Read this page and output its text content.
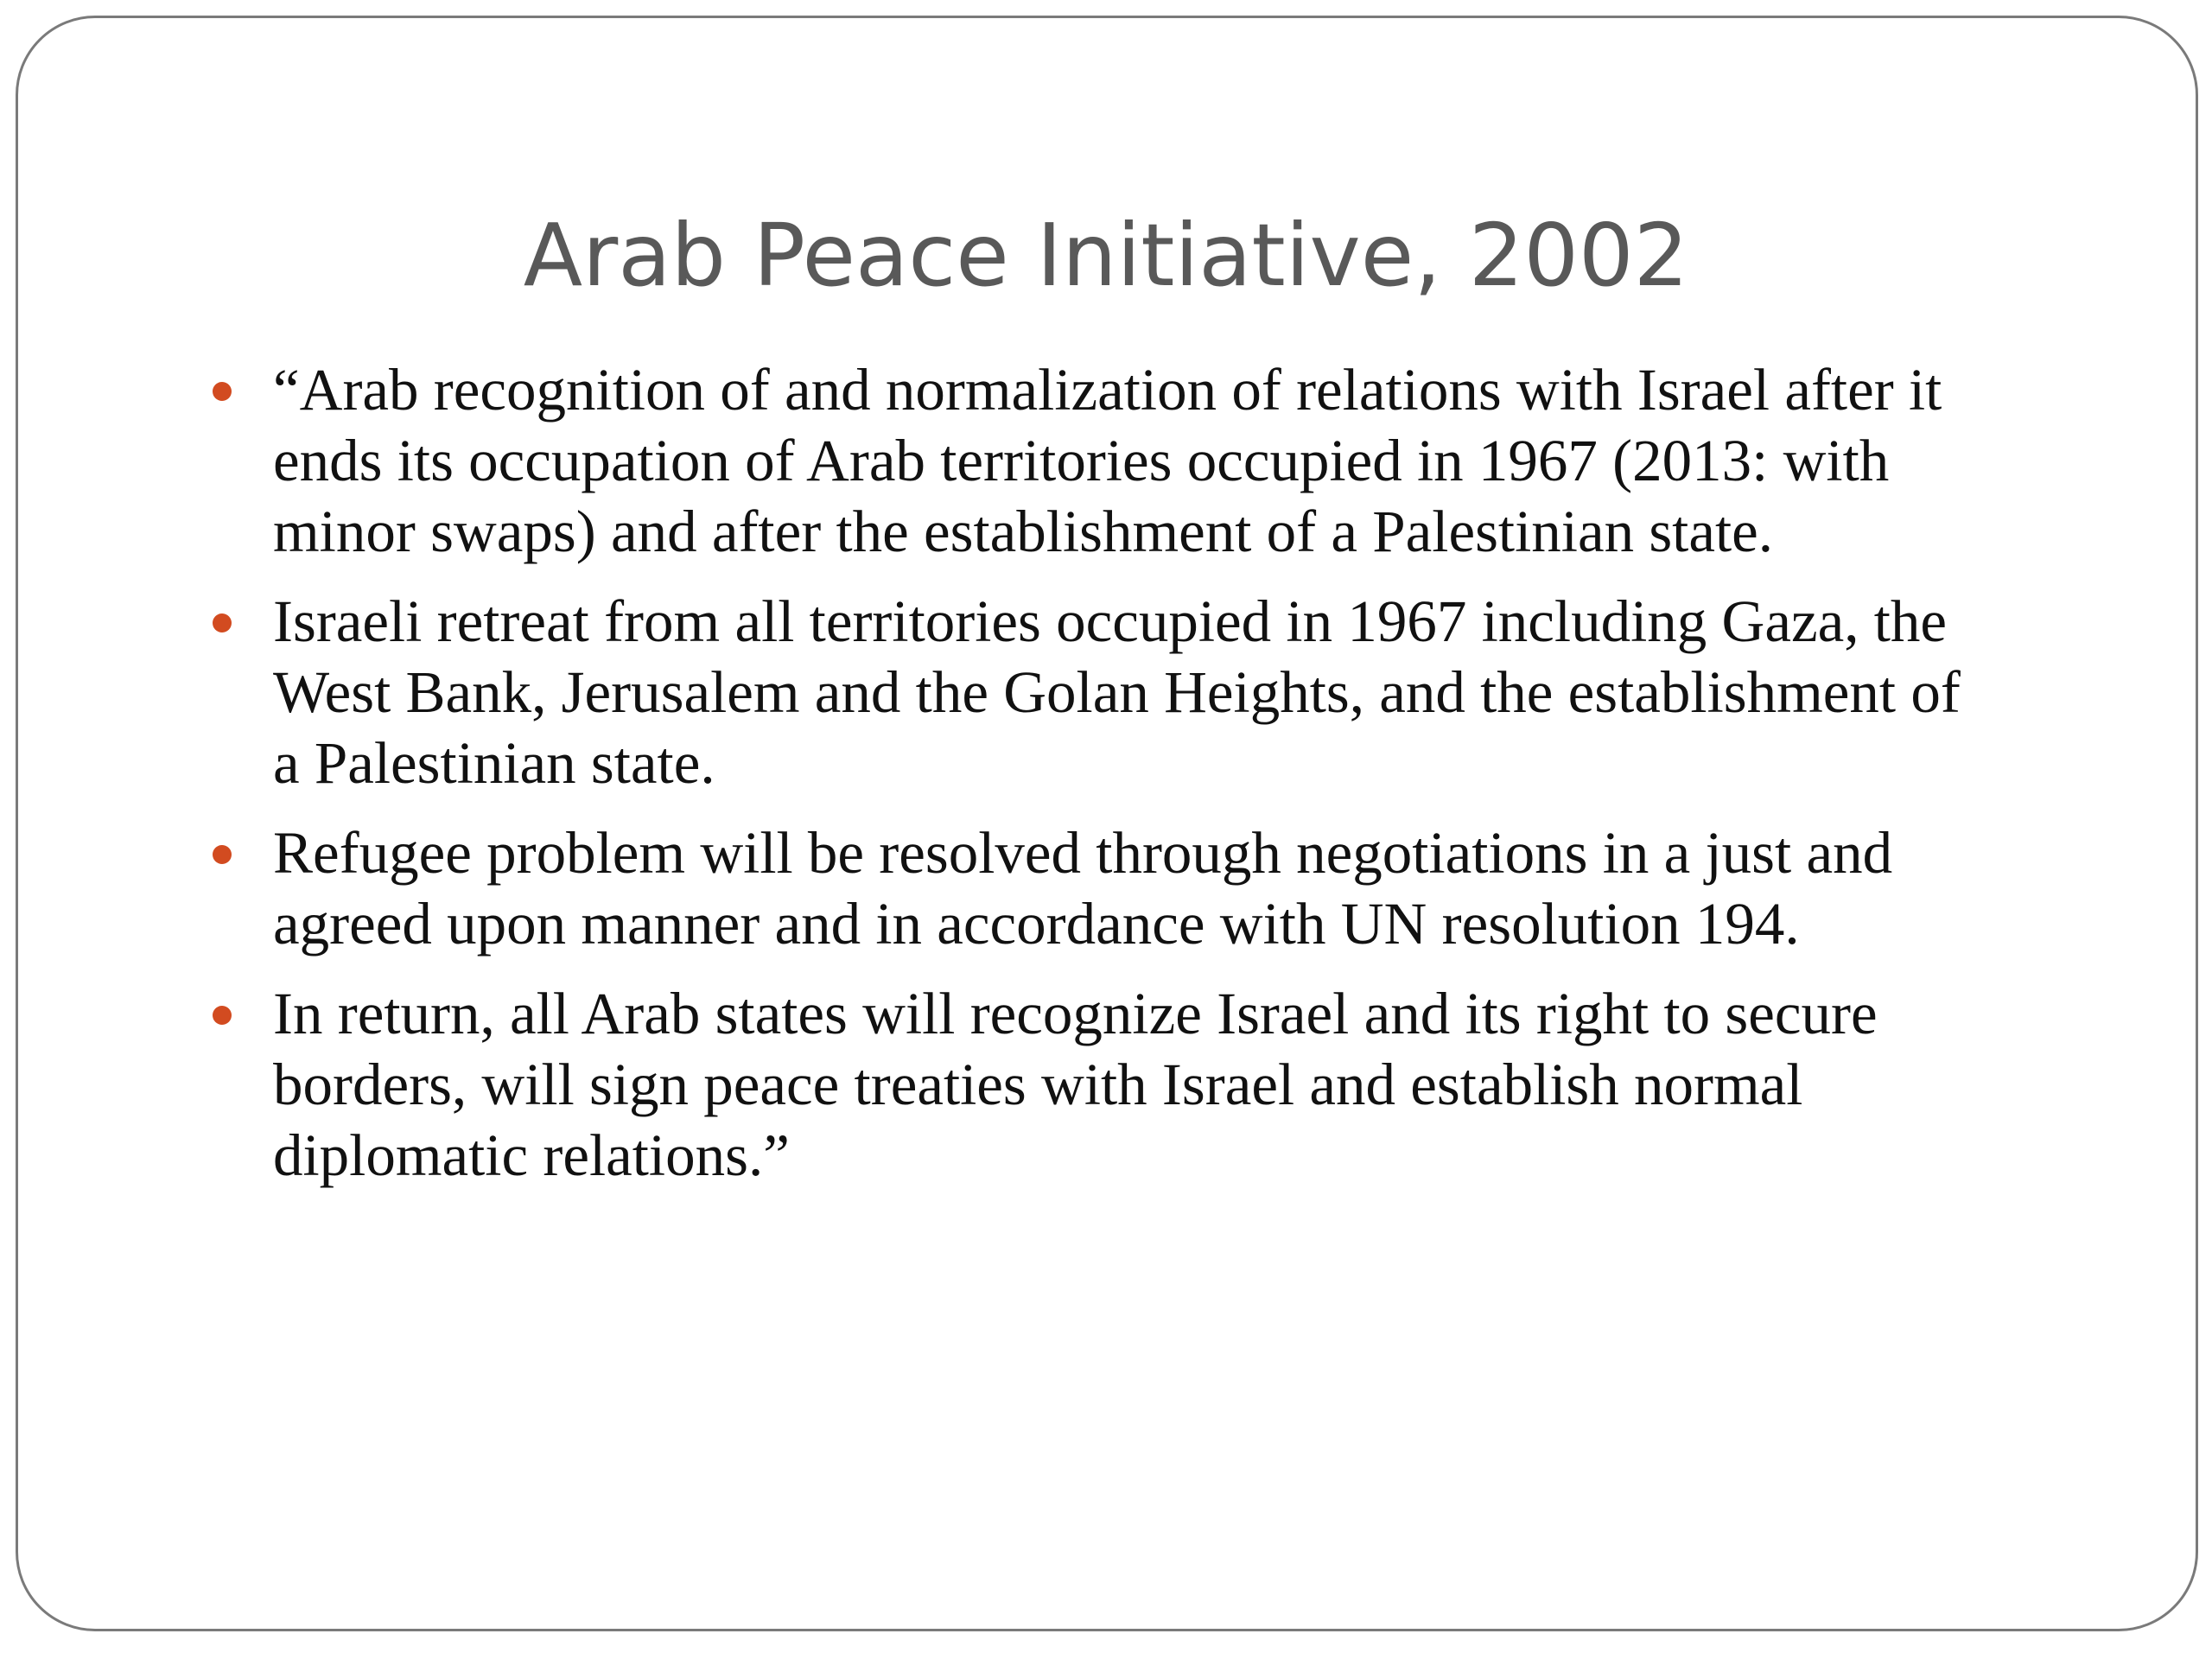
Arab Peace Initiative, 2002
“Arab recognition of and normalization of relations with Israel after it ends its occupation of Arab territories occupied in 1967 (2013: with minor swaps) and after the establishment of a Palestinian state.
Israeli retreat from all territories occupied in 1967 including Gaza, the West Bank, Jerusalem and the Golan Heights, and the establishment of a Palestinian state.
Refugee problem will be resolved through negotiations in a just and agreed upon manner and in accordance with UN resolution 194.
In return, all Arab states will recognize Israel and its right to secure borders, will sign peace treaties with Israel and establish normal diplomatic relations.”
